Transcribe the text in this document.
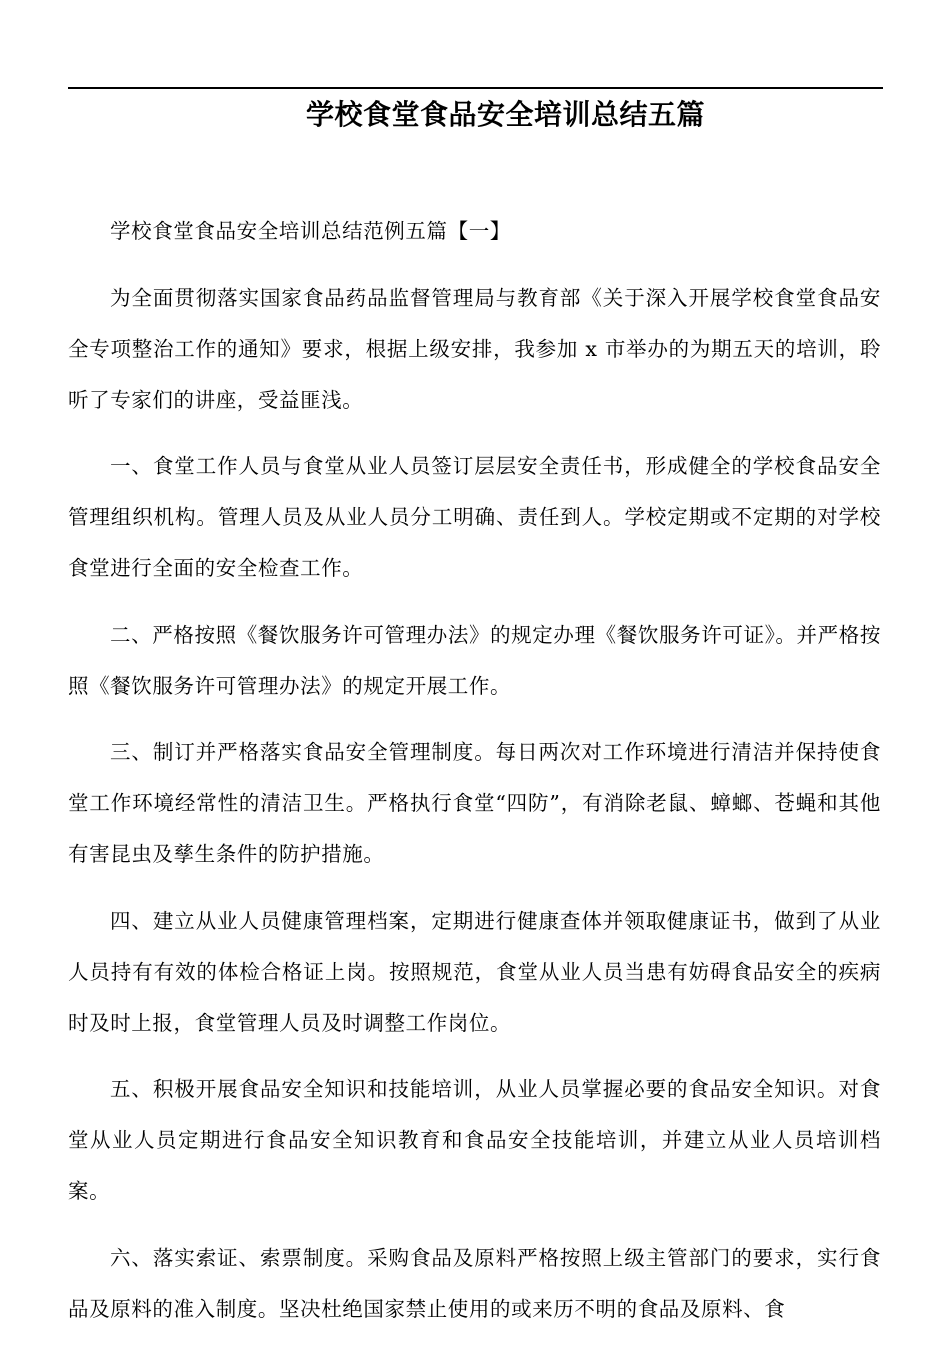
学校食堂食品安全培训总结五篇

学校食堂食品安全培训总结范例五篇【一】

为全面贯彻落实国家食品药品监督管理局与教育部《关于深入开展学校食堂食品安全专项整治工作的通知》要求，根据上级安排，我参加 x 市举办的为期五天的培训，聆听了专家们的讲座，受益匪浅。

一、食堂工作人员与食堂从业人员签订层层安全责任书，形成健全的学校食品安全管理组织机构。管理人员及从业人员分工明确、责任到人。学校定期或不定期的对学校食堂进行全面的安全检查工作。

二、严格按照《餐饮服务许可管理办法》的规定办理《餐饮服务许可证》。并严格按照《餐饮服务许可管理办法》的规定开展工作。

三、制订并严格落实食品安全管理制度。每日两次对工作环境进行清洁并保持使食堂工作环境经常性的清洁卫生。严格执行食堂“四防”，有消除老鼠、蟑螂、苍蝇和其他有害昆虫及孳生条件的防护措施。

四、建立从业人员健康管理档案，定期进行健康查体并领取健康证书，做到了从业人员持有有效的体检合格证上岗。按照规范，食堂从业人员当患有妨碍食品安全的疾病时及时上报，食堂管理人员及时调整工作岗位。

五、积极开展食品安全知识和技能培训，从业人员掌握必要的食品安全知识。对食堂从业人员定期进行食品安全知识教育和食品安全技能培训，并建立从业人员培训档案。

六、落实索证、索票制度。采购食品及原料严格按照上级主管部门的要求，实行食品及原料的准入制度。坚决杜绝国家禁止使用的或来历不明的食品及原料、食
